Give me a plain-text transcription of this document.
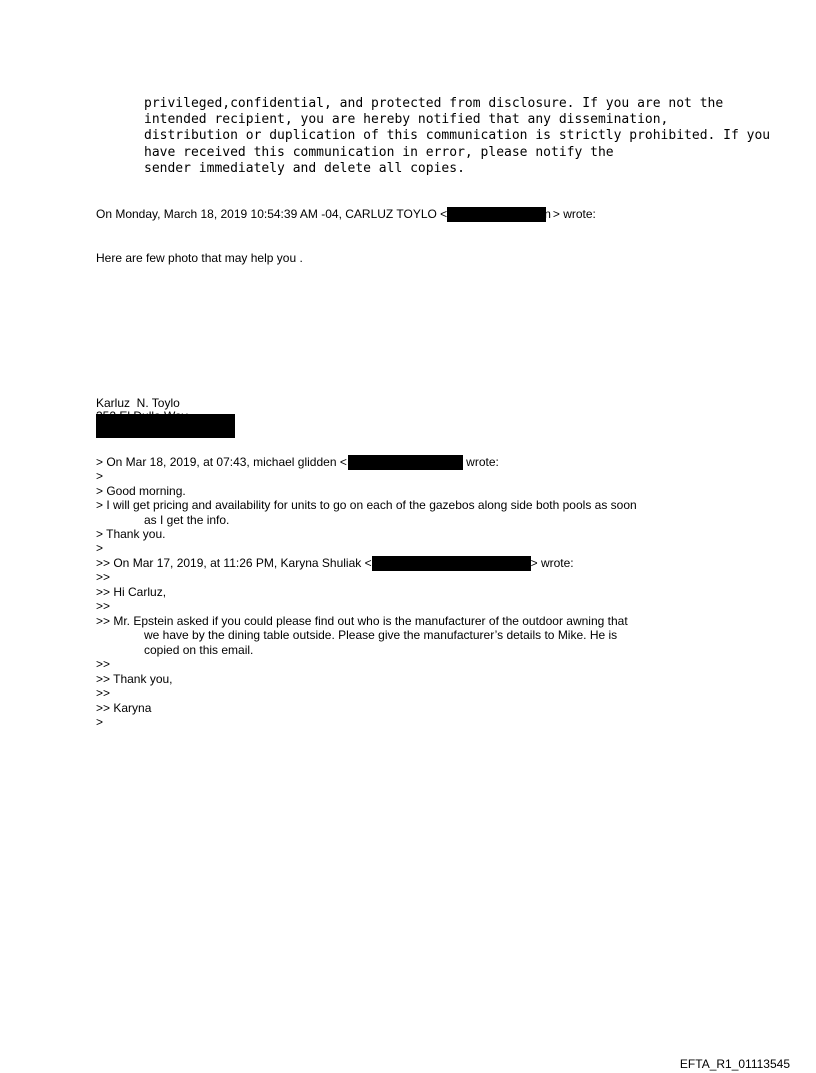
privileged,confidential, and protected from disclosure. If you are not the
intended recipient, you are hereby notified that any dissemination,
distribution or duplication of this communication is strictly prohibited. If you
have received this communication in error, please notify the
sender immediately and delete all copies.
On Monday, March 18, 2019 10:54:39 AM -04, CARLUZ TOYLO <	n > wrote:
Here are few photo that may help you .
Karluz  N. Toylo
> On Mar 18, 2019, at 07:43, michael glidden <	wrote:
>
> Good morning.
> I will get pricing and availability for units to go on each of the gazebos along side both pools as soon
as I get the info.
> Thank you.
>
>> On Mar 17, 2019, at 11:26 PM, Karyna Shuliak <	> wrote:
>>
>> Hi Carluz,
>>
>> Mr. Epstein asked if you could please find out who is the manufacturer of the outdoor awning that
we have by the dining table outside. Please give the manufacturer’s details to Mike. He is
copied on this email.
>>
>> Thank you,
>>
>> Karyna
>
EFTA_R1_01113545
